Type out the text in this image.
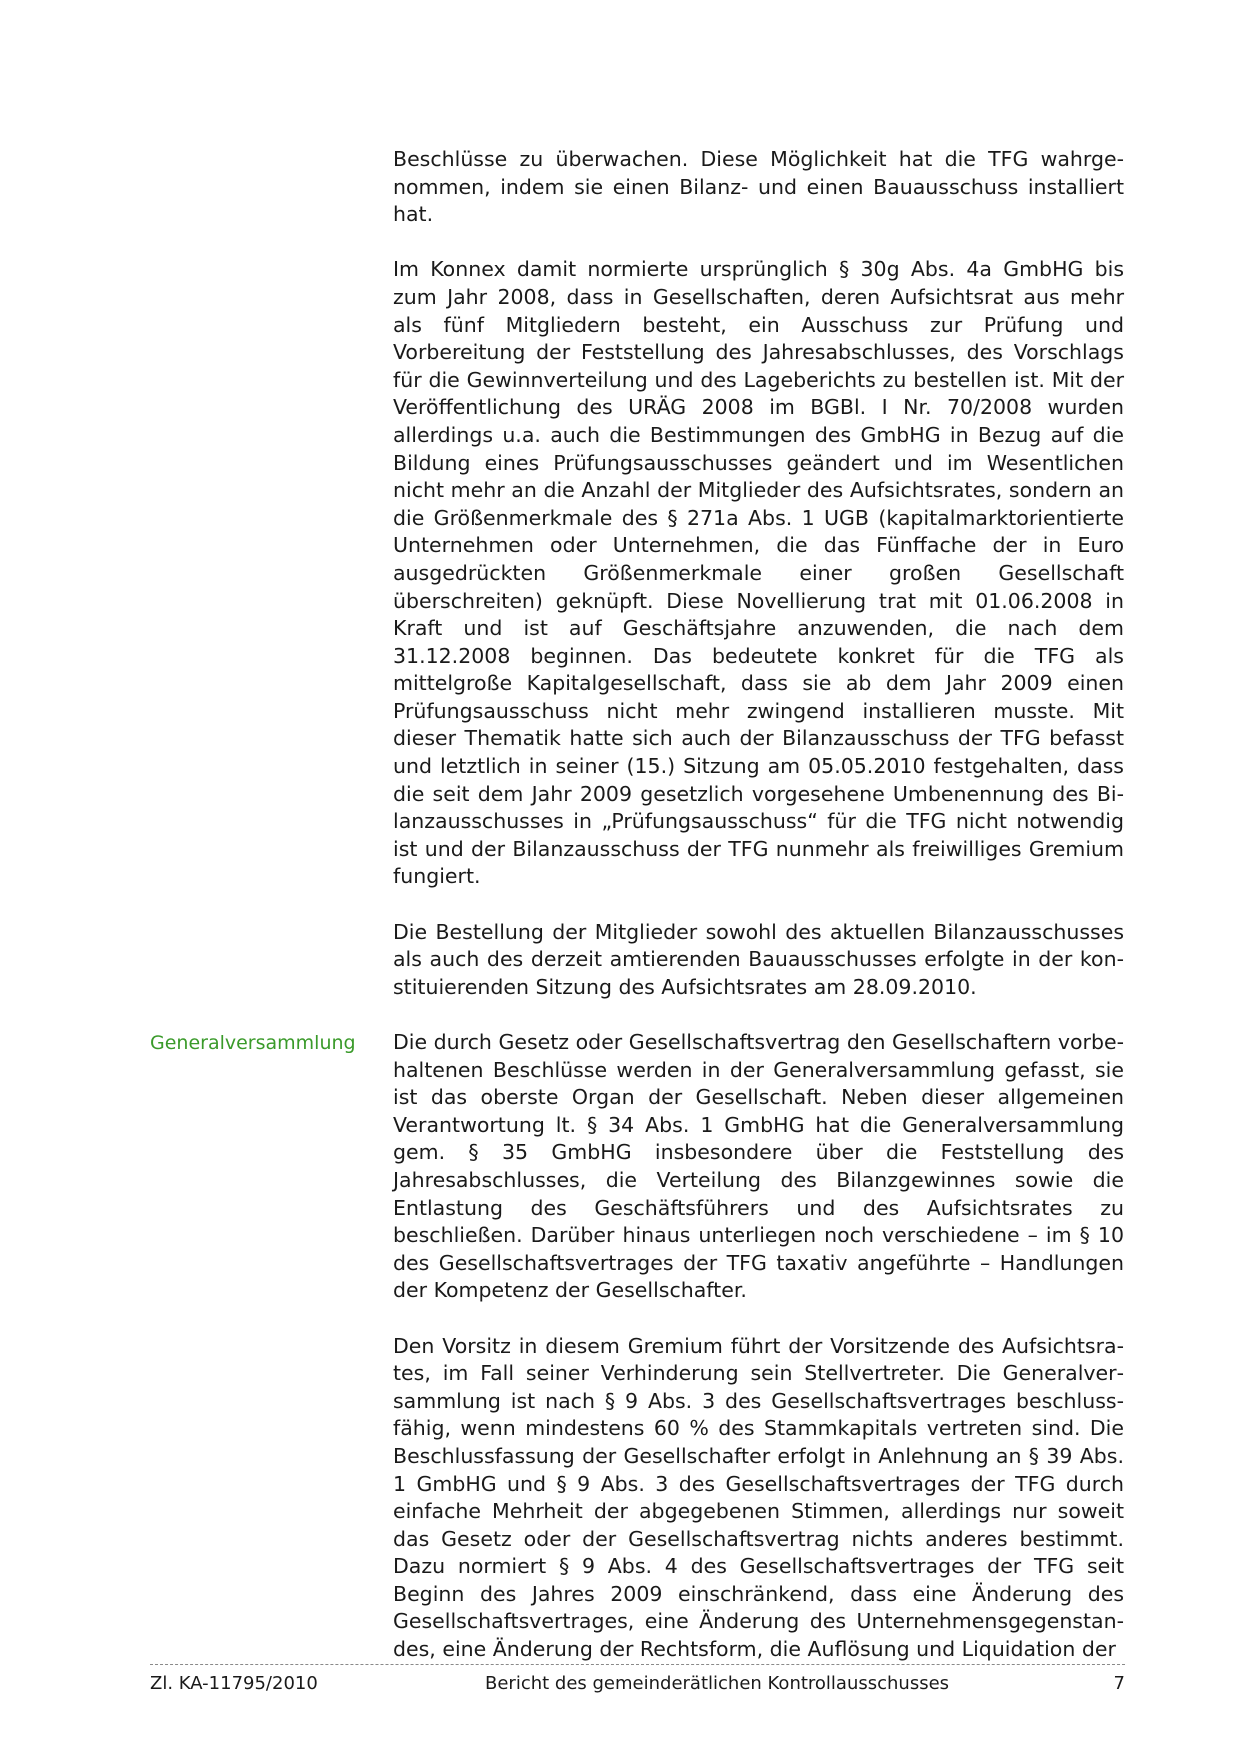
Beschlüsse zu überwachen. Diese Möglichkeit hat die TFG wahrgenommen, indem sie einen Bilanz- und einen Bauausschuss installiert hat.

Im Konnex damit normierte ursprünglich § 30g Abs. 4a GmbHG bis zum Jahr 2008, dass in Gesellschaften, deren Aufsichtsrat aus mehr als fünf Mitgliedern besteht, ein Ausschuss zur Prüfung und Vorbereitung der Feststellung des Jahresabschlusses, des Vorschlags für die Gewinnverteilung und des Lageberichts zu bestellen ist. Mit der Veröffentlichung des URÄG 2008 im BGBl. I Nr. 70/2008 wurden allerdings u.a. auch die Bestimmungen des GmbHG in Bezug auf die Bildung eines Prüfungsausschusses geändert und im Wesentlichen nicht mehr an die Anzahl der Mitglieder des Aufsichtsrates, sondern an die Größenmerkmale des § 271a Abs. 1 UGB (kapitalmarktorientierte Unternehmen oder Unternehmen, die das Fünffache der in Euro ausgedrückten Größenmerkmale einer großen Gesellschaft überschreiten) geknüpft. Diese Novellierung trat mit 01.06.2008 in Kraft und ist auf Geschäftsjahre anzuwenden, die nach dem 31.12.2008 beginnen. Das bedeutete konkret für die TFG als mittelgroße Kapitalgesellschaft, dass sie ab dem Jahr 2009 einen Prüfungsausschuss nicht mehr zwingend installieren musste. Mit dieser Thematik hatte sich auch der Bilanzausschuss der TFG befasst und letztlich in seiner (15.) Sitzung am 05.05.2010 festgehalten, dass die seit dem Jahr 2009 gesetzlich vorgesehene Umbenennung des Bilanzausschusses in „Prüfungsausschuss“ für die TFG nicht notwendig ist und der Bilanzausschuss der TFG nunmehr als freiwilliges Gremium fungiert.

Die Bestellung der Mitglieder sowohl des aktuellen Bilanzausschusses als auch des derzeit amtierenden Bauausschusses erfolgte in der konstituierenden Sitzung des Aufsichtsrates am 28.09.2010.

Die durch Gesetz oder Gesellschaftsvertrag den Gesellschaftern vorbehaltenen Beschlüsse werden in der Generalversammlung gefasst, sie ist das oberste Organ der Gesellschaft. Neben dieser allgemeinen Verantwortung lt. § 34 Abs. 1 GmbHG hat die Generalversammlung gem. § 35 GmbHG insbesondere über die Feststellung des Jahresabschlusses, die Verteilung des Bilanzgewinnes sowie die Entlastung des Geschäftsführers und des Aufsichtsrates zu beschließen. Darüber hinaus unterliegen noch verschiedene – im § 10 des Gesellschaftsvertrages der TFG taxativ angeführte – Handlungen der Kompetenz der Gesellschafter.

Den Vorsitz in diesem Gremium führt der Vorsitzende des Aufsichtsrates, im Fall seiner Verhinderung sein Stellvertreter. Die Generalversammlung ist nach § 9 Abs. 3 des Gesellschaftsvertrages beschlussfähig, wenn mindestens 60 % des Stammkapitals vertreten sind. Die Beschlussfassung der Gesellschafter erfolgt in Anlehnung an § 39 Abs. 1 GmbHG und § 9 Abs. 3 des Gesellschaftsvertrages der TFG durch einfache Mehrheit der abgegebenen Stimmen, allerdings nur soweit das Gesetz oder der Gesellschaftsvertrag nichts anderes bestimmt. Dazu normiert § 9 Abs. 4 des Gesellschaftsvertrages der TFG seit Beginn des Jahres 2009 einschränkend, dass eine Änderung des Gesellschaftsvertrages, eine Änderung des Unternehmensgegenstandes, eine Änderung der Rechtsform, die Auflösung und Liquidation der

Generalversammlung
Zl. KA-11795/2010	Bericht des gemeinderätlichen Kontrollausschusses	7
